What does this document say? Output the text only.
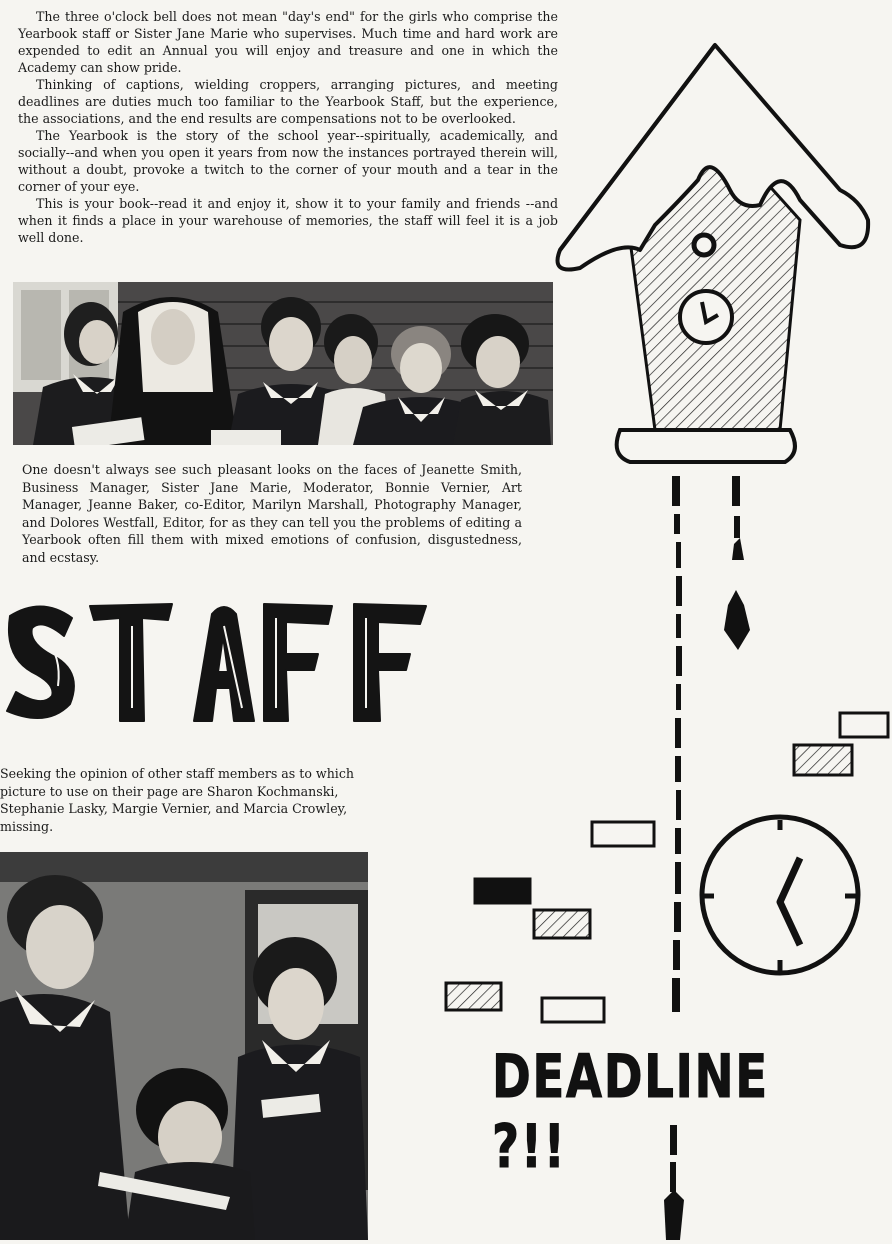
The three o'clock bell does not mean "day's end" for the girls who comprise the Yearbook staff or Sister Jane Marie who supervises. Much time and hard work are expended to edit an Annual you will enjoy and treasure and one in which the Academy can show pride.

Thinking of captions, wielding croppers, arranging pictures, and meeting deadlines are duties much too familiar to the Yearbook Staff, but the experience, the associations, and the end results are compensations not to be overlooked.

The Yearbook is the story of the school year--spiritually, academically, and socially--and when you open it years from now the instances portrayed therein will, without a doubt, provoke a twitch to the corner of your mouth and a tear in the corner of your eye.

This is your book--read it and enjoy it, show it to your family and friends --and when it finds a place in your warehouse of memories, the staff will feel it is a job well done.

One doesn't always see such pleasant looks on the faces of Jeanette Smith, Business Manager, Sister Jane Marie, Moderator, Bonnie Vernier, Art Manager, Jeanne Baker, co-Editor, Marilyn Marshall, Photography Manager, and Dolores Westfall, Editor, for as they can tell you the problems of editing a Yearbook often fill them with mixed emotions of confusion, disgustedness, and ecstasy.
Seeking the opinion of other staff members as to which picture to use on their page are Sharon Kochmanski, Stephanie Lasky, Margie Vernier, and Marcia Crowley, missing.
DEADLINE ?!!
